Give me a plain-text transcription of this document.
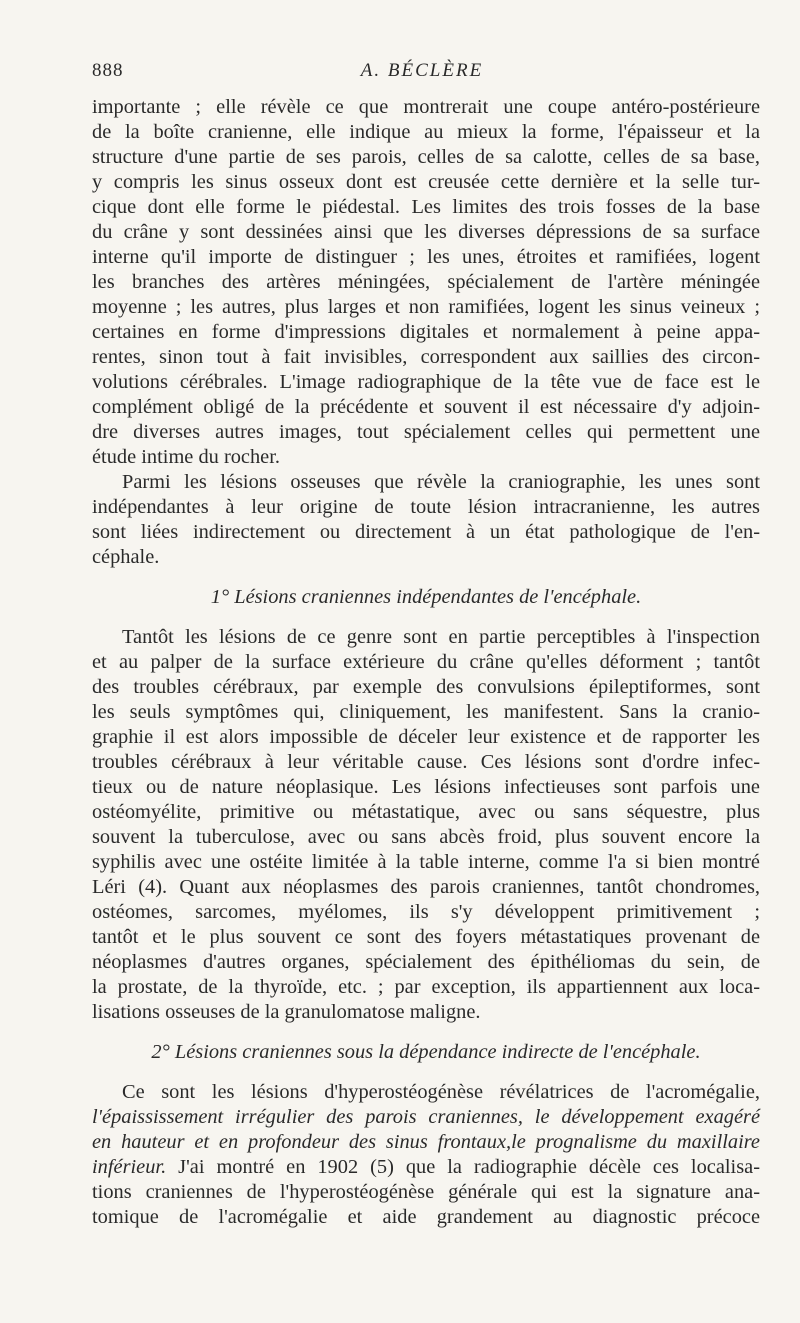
888	A. BÉCLÈRE
importante ; elle révèle ce que montrerait une coupe antéro-postérieure
de la boîte cranienne, elle indique au mieux la forme, l'épaisseur et la
structure d'une partie de ses parois, celles de sa calotte, celles de sa base,
y compris les sinus osseux dont est creusée cette dernière et la selle tur-
cique dont elle forme le piédestal. Les limites des trois fosses de la base
du crâne y sont dessinées ainsi que les diverses dépressions de sa surface
interne qu'il importe de distinguer ; les unes, étroites et ramifiées, logent
les branches des artères méningées, spécialement de l'artère méningée
moyenne ; les autres, plus larges et non ramifiées, logent les sinus veineux ;
certaines en forme d'impressions digitales et normalement à peine appa-
rentes, sinon tout à fait invisibles, correspondent aux saillies des circon-
volutions cérébrales. L'image radiographique de la tête vue de face est le
complément obligé de la précédente et souvent il est nécessaire d'y adjoin-
dre diverses autres images, tout spécialement celles qui permettent une
étude intime du rocher.
Parmi les lésions osseuses que révèle la craniographie, les unes sont
indépendantes à leur origine de toute lésion intracranienne, les autres
sont liées indirectement ou directement à un état pathologique de l'en-
céphale.
1° Lésions craniennes indépendantes de l'encéphale.
Tantôt les lésions de ce genre sont en partie perceptibles à l'inspection
et au palper de la surface extérieure du crâne qu'elles déforment ; tantôt
des troubles cérébraux, par exemple des convulsions épileptiformes, sont
les seuls symptômes qui, cliniquement, les manifestent. Sans la cranio-
graphie il est alors impossible de déceler leur existence et de rapporter les
troubles cérébraux à leur véritable cause. Ces lésions sont d'ordre infec-
tieux ou de nature néoplasique. Les lésions infectieuses sont parfois une
ostéomyélite, primitive ou métastatique, avec ou sans séquestre, plus
souvent la tuberculose, avec ou sans abcès froid, plus souvent encore la
syphilis avec une ostéite limitée à la table interne, comme l'a si bien montré
Léri (4). Quant aux néoplasmes des parois craniennes, tantôt chondromes,
ostéomes, sarcomes, myélomes, ils s'y développent primitivement ;
tantôt et le plus souvent ce sont des foyers métastatiques provenant de
néoplasmes d'autres organes, spécialement des épithéliomas du sein, de
la prostate, de la thyroïde, etc. ; par exception, ils appartiennent aux loca-
lisations osseuses de la granulomatose maligne.
2° Lésions craniennes sous la dépendance indirecte de l'encéphale.
Ce sont les lésions d'hyperostéogénèse révélatrices de l'acromégalie,
l'épaississement irrégulier des parois craniennes, le développement exagéré
en hauteur et en profondeur des sinus frontaux,le prognalisme du maxillaire
inférieur. J'ai montré en 1902 (5) que la radiographie décèle ces localisa-
tions craniennes de l'hyperostéogénèse générale qui est la signature ana-
tomique de l'acromégalie et aide grandement au diagnostic précoce
